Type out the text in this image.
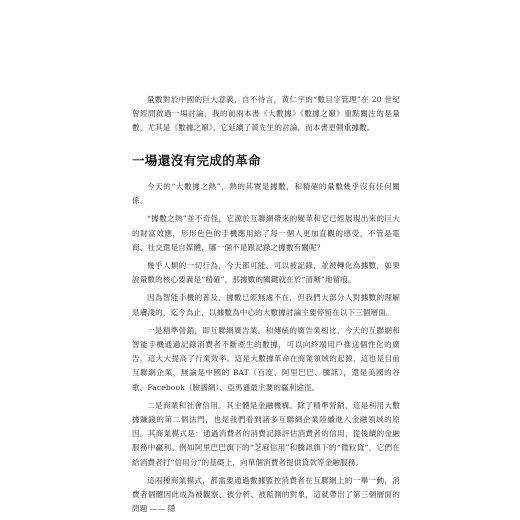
量數對於中國的巨大意義，自不待言，黃仁宇的“數目字管理”在 20 世紀曾經問啟過一場討論，我的前兩本書《大數據》《數據之巔》重點關注的是量數，尤其是《數據之巔》，它延續了黃先生的討論，而本書更側重據數。

一場還沒有完成的革命

今天的“大數據之熱”，熱的其實是據數，和精確的量數幾乎沒有任何關係。

“據數之熱”並不奇怪，它源於互聯網帶來的變革和它已經展現出來的巨大的財富效應，形形色色的手機應用給了每一個人更加直觀的感受，不管是電商、社交還是自媒體，哪一個不是跟記錄之據數有關呢？

幾乎人類的一切行為，今天都可能、可以被記錄，並被轉化為據數，如果說量數的核心要義是“精確”，那據數的關鍵就在於“清晰”地留痕。

因為智能手機的普及，據數已經無處不在，但我們大部分人對據數的理解是膚淺的，迄今為止，以據數為中心的大數據討論主要停留在以下三個層面。

一是精準營銷，即互聯網廣告業。和傳統的廣告業相比，今天的互聯網和智能手機通過記錄消費者不斷產生的數據，可以向終端用戶推送個性化的廣告，這大大提高了行業效率。這是大數據革命在商業領域的起源，這也是目前互聯網企業，無論是中國的 BAT（百度、阿里巴巴、騰訊），還是美國的谷歌、Facebook（臉譜網）、亞馬遜最主要的贏利途徑。

二是商業和社會信用。其主體是金融機構。除了精準營銷，這是利用大數據賺錢的第二個法門，也是我們看到諸多互聯網企業陸續進入金融領域的原因。其商業模式是：通過消費者的消費記錄評估消費者的信用，從後續的金融服務中贏利。例如阿里巴巴旗下的“芝麻信用”和騰訊旗下的“微粒貸”，它們在給消費者打“信用分”的基礎上，向單個消費者提供貸款等金融服務。

這兩種商業模式，都需要通過數據監控消費者在互聯網上的一舉一動，消費者個體因此成為被觀察、被分析、被監測的對象，這就帶出了第三個層面的問題 —— 隱
